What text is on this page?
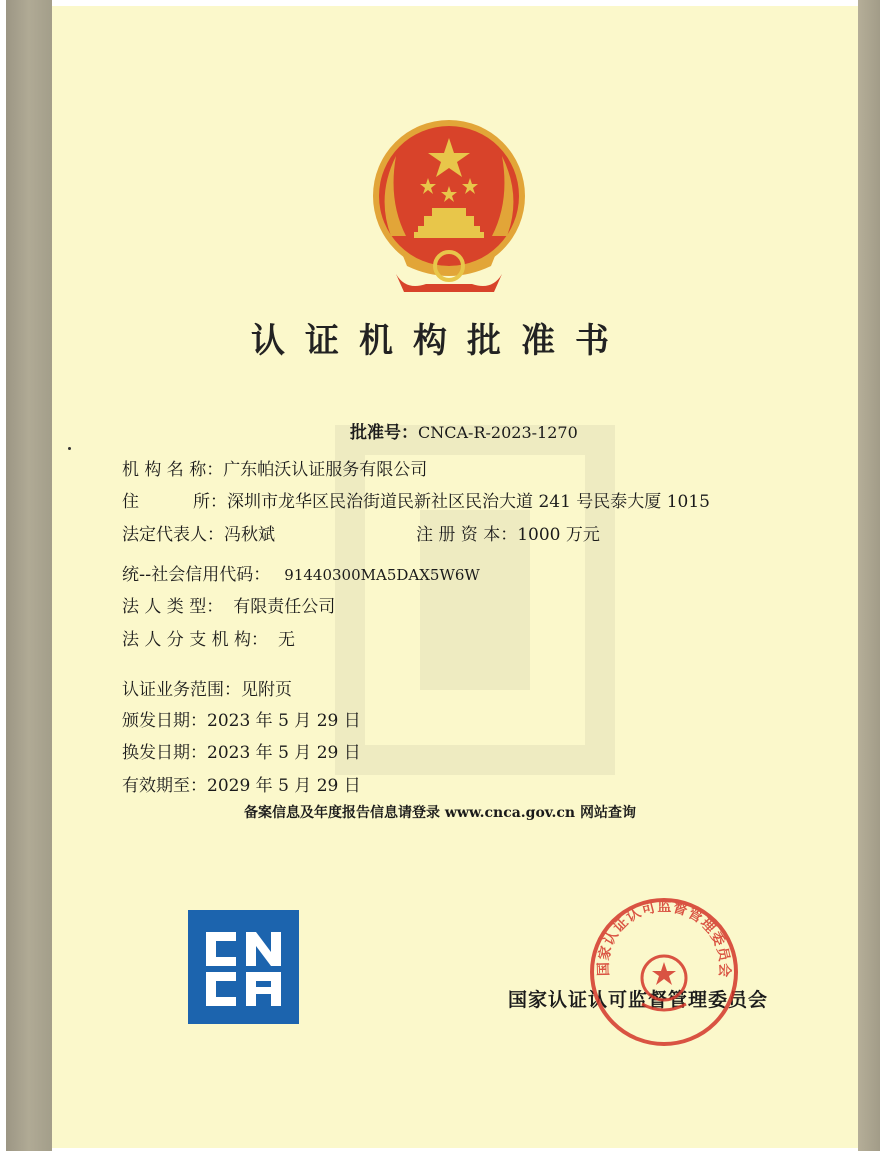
认证机构批准书
批准号：CNCA-R-2023-1270
机 构 名 称：广东帕沃认证服务有限公司
住          所：深圳市龙华区民治街道民新社区民治大道 241 号民泰大厦 1015
法定代表人：冯秋斌	注 册 资 本：1000 万元
统--社会信用代码： 91440300MA5DAX5W6W
法 人 类 型： 有限责任公司
法 人 分 支 机 构： 无
认证业务范围：见附页
颁发日期：2023 年 5 月 29 日
换发日期：2023 年 5 月 29 日
有效期至：2029 年 5 月 29 日
备案信息及年度报告信息请登录 www.cnca.gov.cn 网站查询
国家认证认可监督管理委员会
国家认证认可监督管理委员会
